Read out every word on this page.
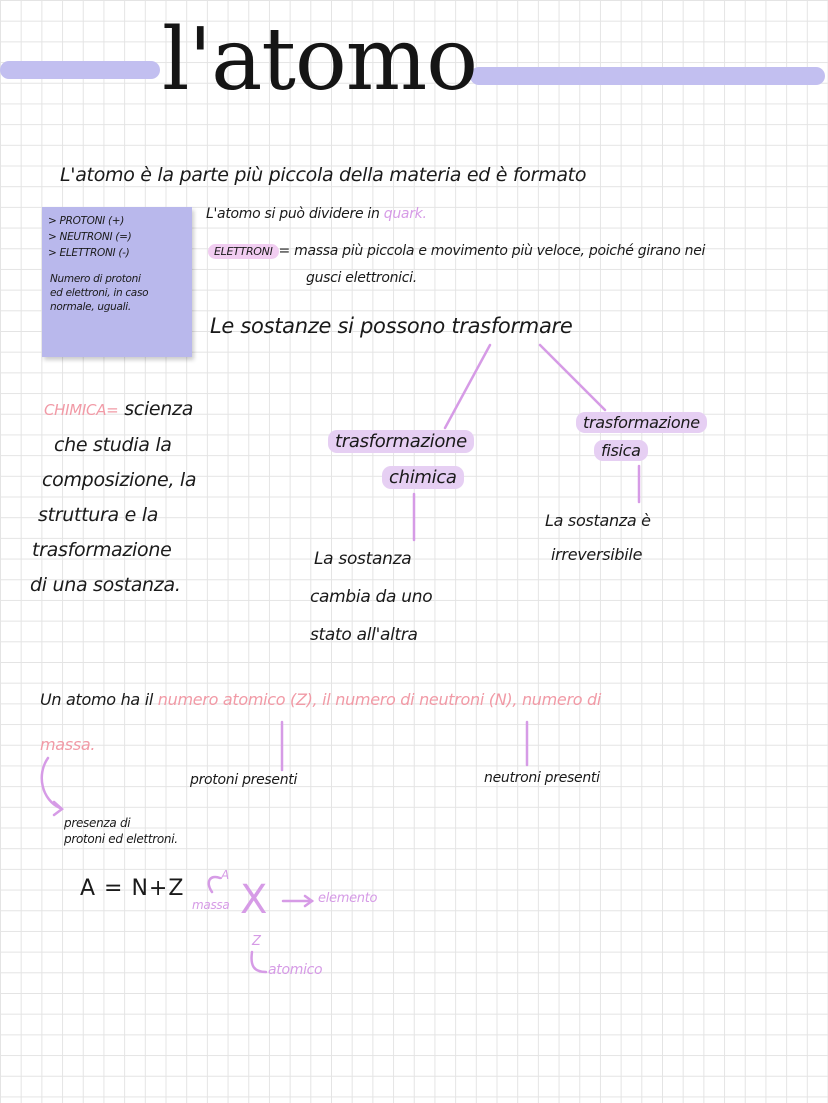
l'atomo
L'atomo è la parte più piccola della materia ed è formato
> PROTONI (+)
> NEUTRONI (=)
> ELETTRONI (-)
Numero di protoni
ed elettroni, in caso
normale, uguali.
L'atomo si può dividere in quark.
ELETTRONI = massa più piccola e movimento più veloce, poiché girano nei
gusci elettronici.
Le sostanze si possono trasformare
CHIMICA= scienza
che studia la
composizione, la
struttura e la
trasformazione
di una sostanza.
trasformazione
chimica
La sostanza
cambia da uno
stato all'altra
trasformazione
fisica
La sostanza è
irreversibile
Un atomo ha il numero atomico (Z), il numero di neutroni (N), numero di
massa.
protoni presenti	neutroni presenti
presenza di
protoni ed elettroni.
A = N+Z
A
massa X	elemento
Z
atomico
